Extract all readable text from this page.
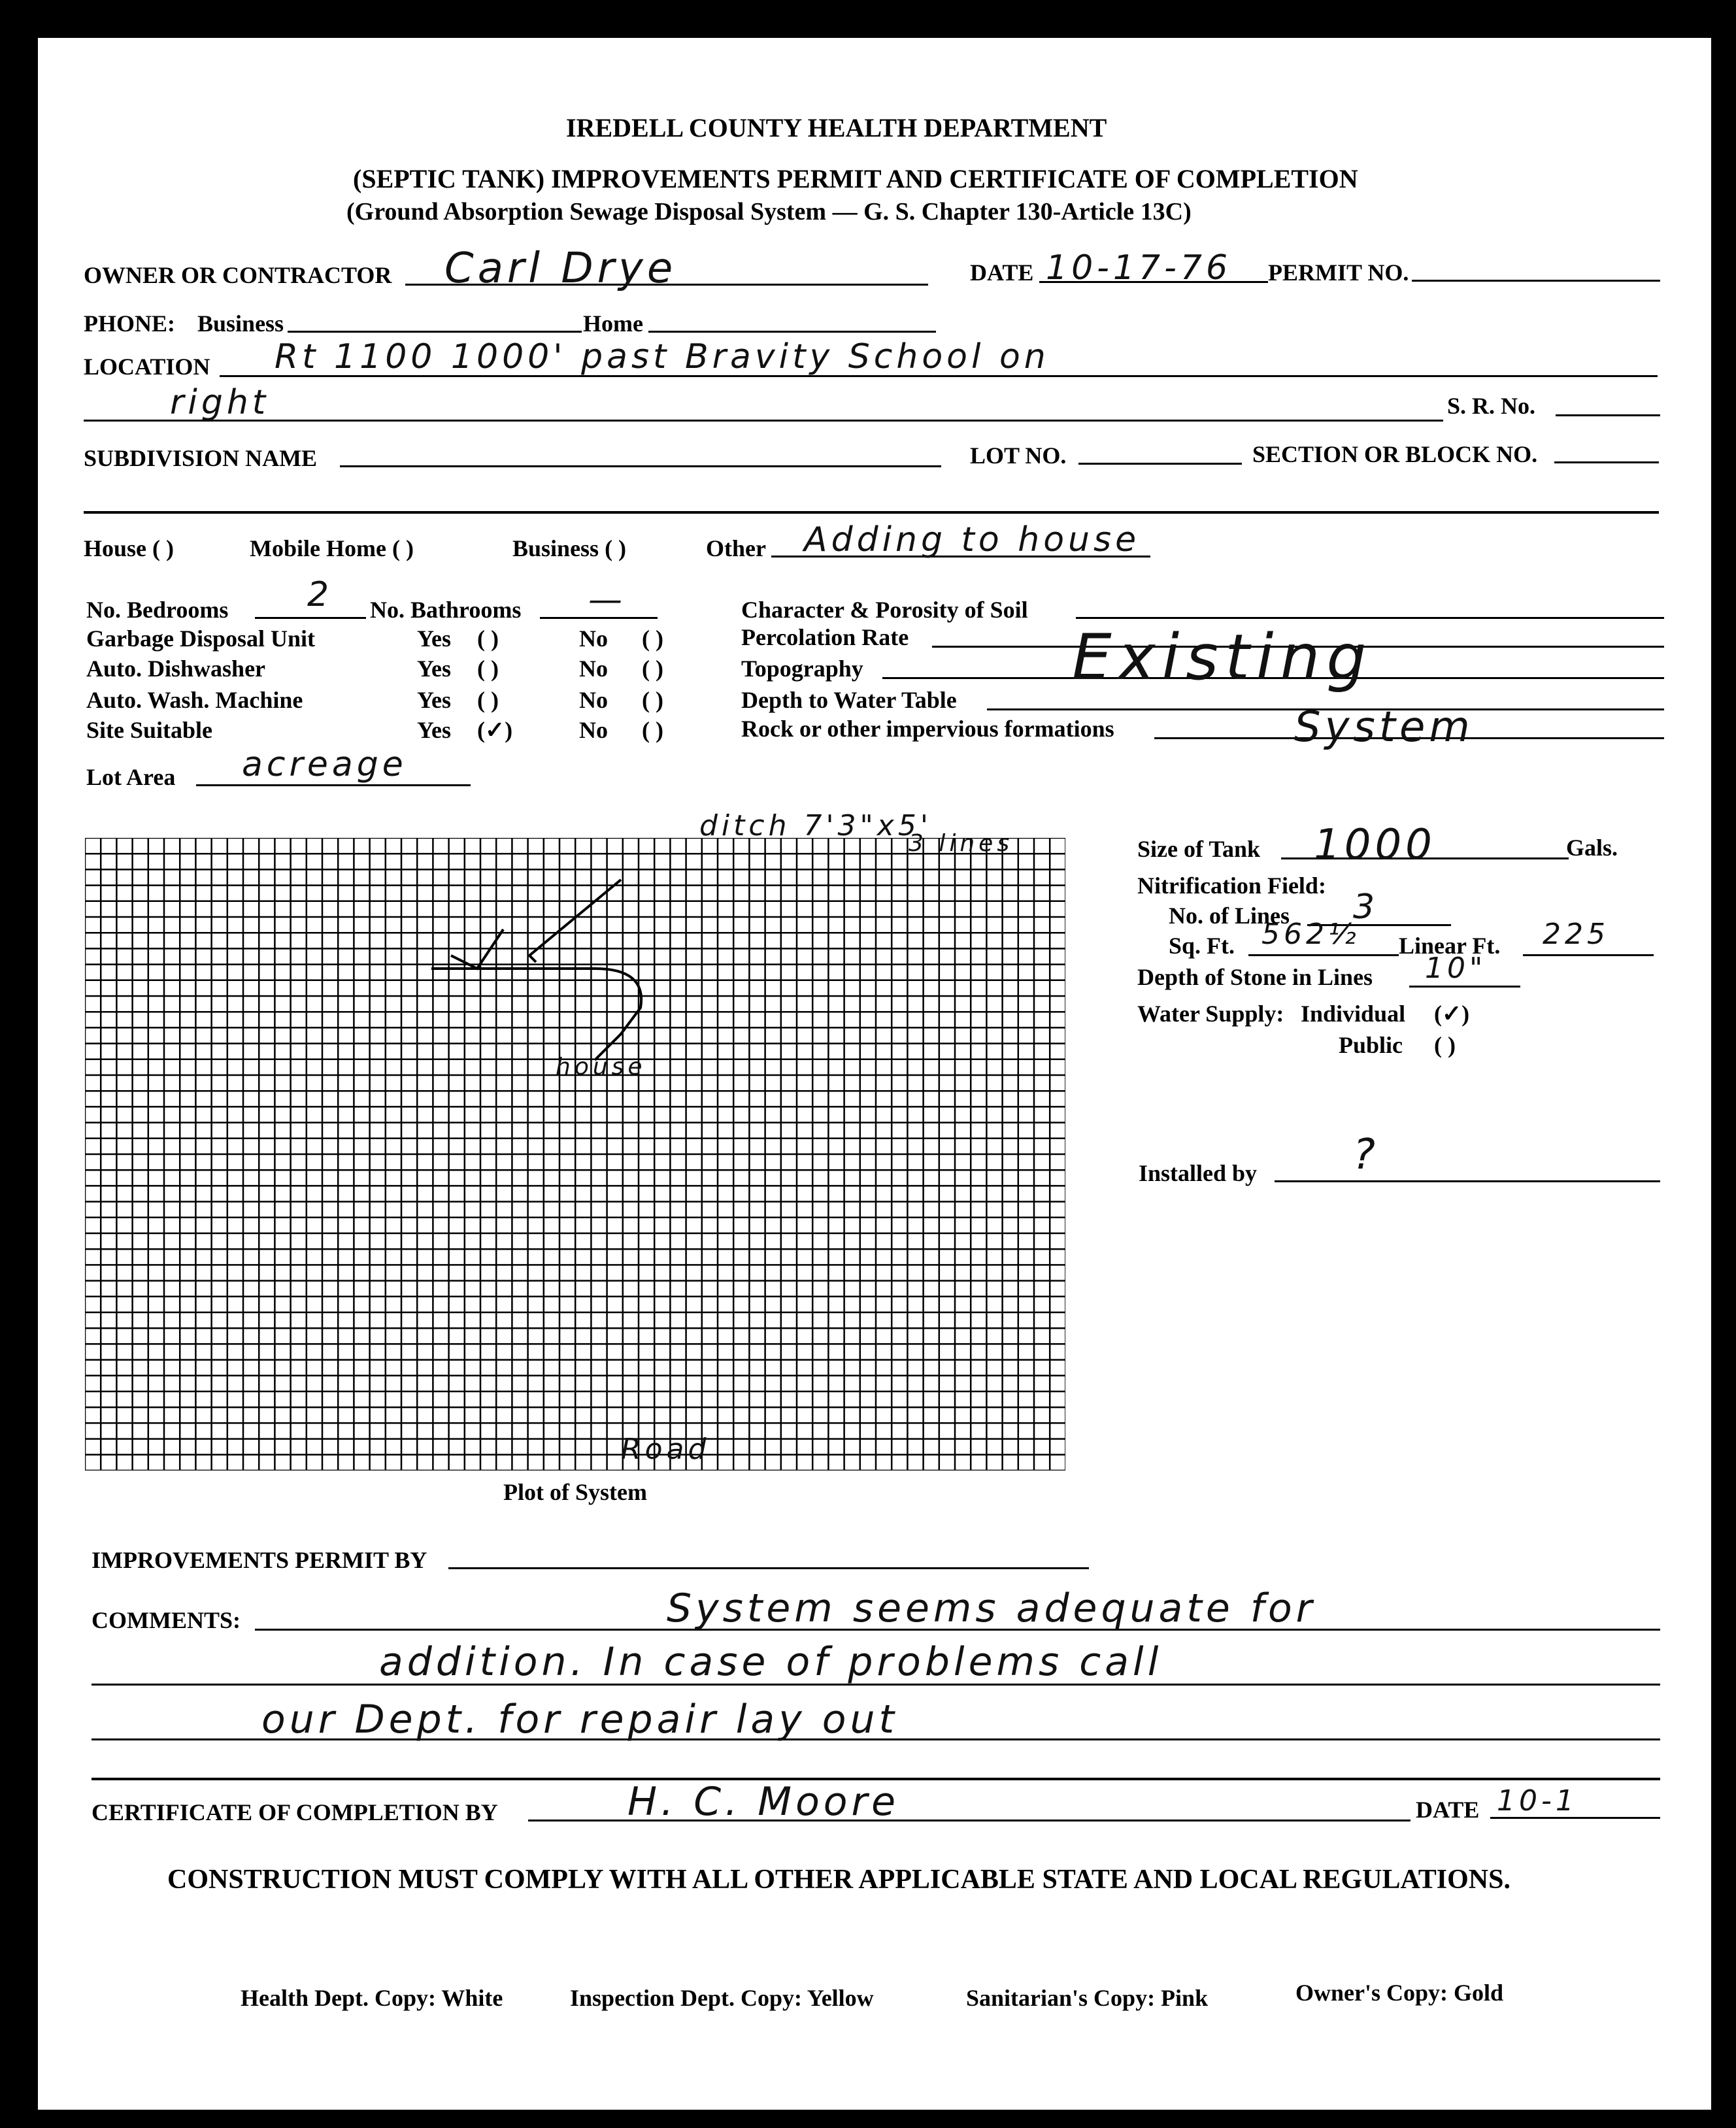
IREDELL COUNTY HEALTH DEPARTMENT
(SEPTIC TANK) IMPROVEMENTS PERMIT AND CERTIFICATE OF COMPLETION
(Ground Absorption Sewage Disposal System — G. S. Chapter 130-Article 13C)
OWNER OR CONTRACTOR Carl Drye	DATE 10-17-76 PERMIT NO.
PHONE: Business	Home
LOCATION Rt 1100 1000' past Bravity School on
right	S. R. No.
SUBDIVISION NAME	LOT NO.	SECTION OR BLOCK NO.
House ( )	Mobile Home ( )	Business ( )	Other Adding to house
No. Bedrooms 2 No. Bathrooms —
Garbage Disposal Unit	Yes ( )	No ( )
Auto. Dishwasher	Yes ( )	No ( )
Auto. Wash. Machine	Yes ( )	No ( )
Site Suitable	Yes (✓)	No ( )
Lot Area acreage
Character & Porosity of Soil
Percolation Rate
Topography
Depth to Water Table
Rock or other impervious formations
Existing
System
ditch 7'3"x5'
3 lines
house
Road
Plot of System
Size of Tank 1000	Gals.
Nitrification Field:
No. of Lines 3
Sq. Ft. 562½ Linear Ft. 225
Depth of Stone in Lines 10"
Water Supply: Individual (✓)
Public ( )
Installed by ?
IMPROVEMENTS PERMIT BY
COMMENTS:	System seems adequate for
addition. In case of problems call
our Dept. for repair lay out
CERTIFICATE OF COMPLETION BY	H. C. Moore	DATE 10-1
CONSTRUCTION MUST COMPLY WITH ALL OTHER APPLICABLE STATE AND LOCAL REGULATIONS.
Health Dept. Copy: White	Inspection Dept. Copy: Yellow	Sanitarian's Copy: Pink	Owner's Copy: Gold
